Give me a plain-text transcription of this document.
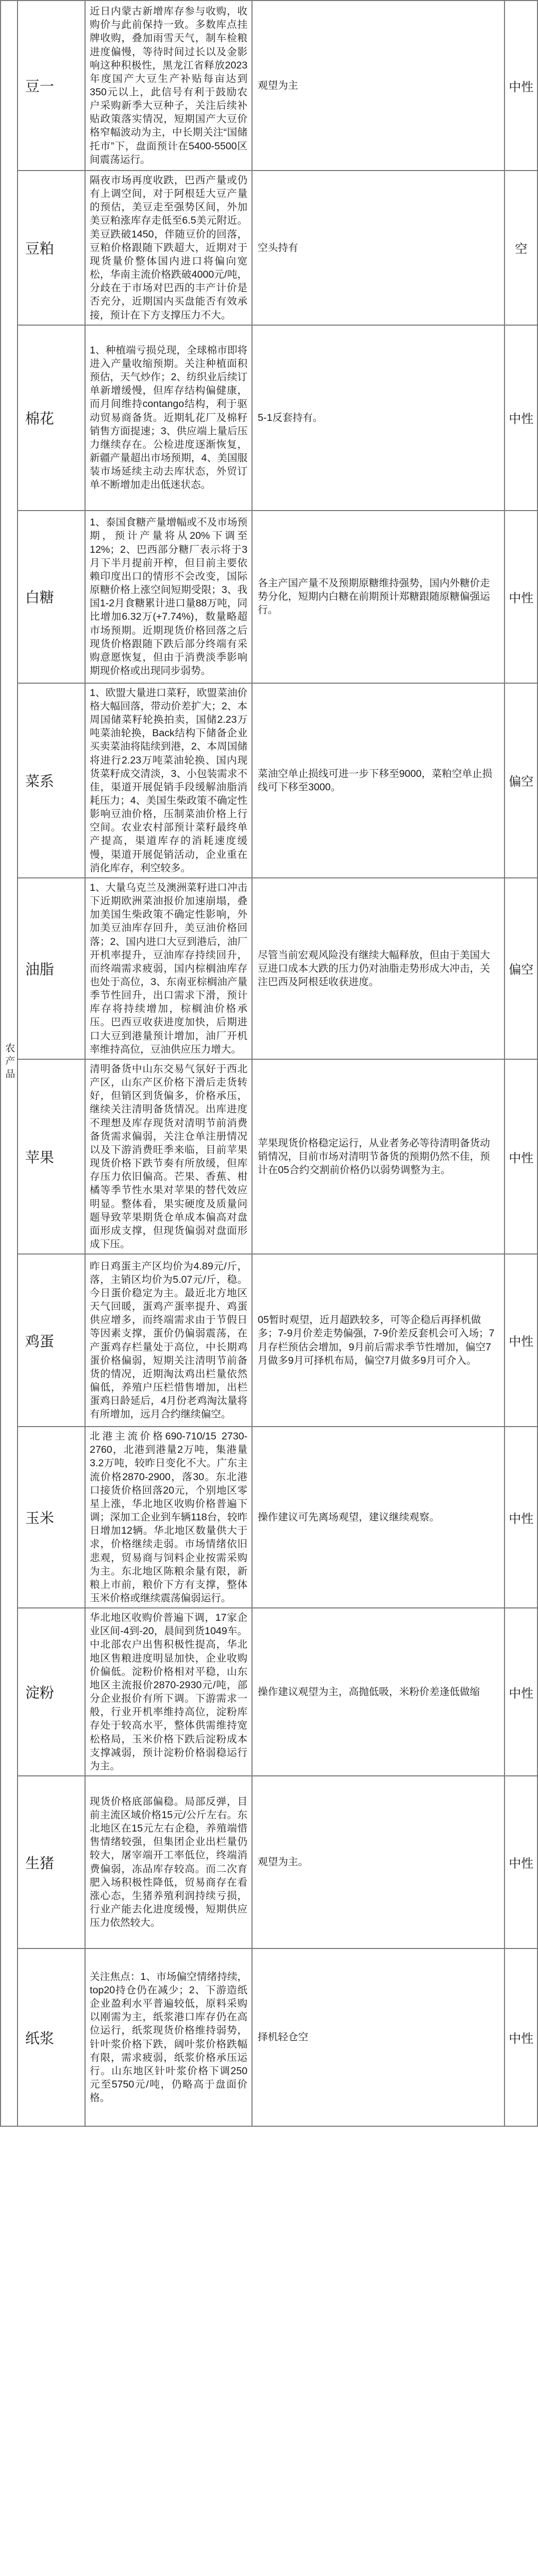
农产品	豆一	近日内蒙古新增库存参与收购，收购价与此前保持一致。多数库点挂牌收购，叠加雨雪天气，制车检粮进度偏慢，等待时间过长以及金影响这种积极性，黑龙江省释放2023年度国产大豆生产补贴每亩达到350元以上，此信号有利于鼓励农户采购新季大豆种子，关注后续补贴政策落实情况，短期国产大豆价格窄幅波动为主，中长期关注“国储托市”下，盘面预计在5400-5500区间震荡运行。	观望为主	中性
	豆粕	隔夜市场再度收跌，巴西产量或仍有上调空间，对于阿根廷大豆产量的预估，美豆走至强势区间，外加美豆粕涨库存走低至6.5美元附近。美豆跌破1450，伴随豆价的回落，豆粕价格跟随下跌超大，近期对于现货量价整体国内进口将偏向宽松，华南主流价格跌破4000元/吨，分歧在于市场对巴西的丰产计价是否充分，近期国内买盘能否有效承接，预计在下方支撑压力不大。	空头持有	空
	棉花	1、种植端亏损兑现，全球棉市即将进入产量收缩预期。关注种植面积预估，天气炒作；2、纺织业后续订单新增缓慢，但库存结构偏健康，而月间维持contango结构，利于驱动贸易商备货。近期轧花厂及棉籽销售方面提速；3、供应端上量后压力继续存在。公检进度逐渐恢复，新疆产量超出市场预期，4、美国服装市场延续主动去库状态，外贸订单不断增加走出低迷状态。	5-1反套持有。	中性
	白糖	1、泰国食糖产量增幅或不及市场预期，预计产量将从20%下调至12%；2、巴西部分糖厂表示将于3月下半月提前开榨，但目前主要依赖印度出口的情形不会改变，国际原糖价格上涨空间短期受限；3、我国1-2月食糖累计进口量88万吨，同比增加6.32万(+7.74%)，数量略超市场预期。近期现货价格回落之后现货价格跟随下跌后部分终端有采购意愿恢复，但由于消费淡季影响期现价格或出现同步弱势。	各主产国产量不及预期原糖维持强势，国内外糖价走势分化，短期内白糖在前期预计郑糖跟随原糖偏强运行。	中性
	菜系	1、欧盟大量进口菜籽，欧盟菜油价格大幅回落，带动价差扩大；2、本周国储菜籽轮换拍卖，国储2.23万吨菜油轮换，Back结构下储备企业买卖菜油将陆续到港，2、本周国储将进行2.23万吨菜油轮换、国内现货菜籽成交清淡，3、小包装需求不佳，渠道开展促销手段缓解油脂消耗压力；4、美国生柴政策不确定性影响豆油价格，压制菜油价格上行空间。农业农村部预计菜籽最终单产提高，渠道库存的消耗速度缓慢，渠道开展促销活动，企业重在消化库存，利空较多。	菜油空单止损线可进一步下移至9000，菜粕空单止损线可下移至3000。	偏空
	油脂	1、大量乌克兰及澳洲菜籽进口冲击下近期欧洲菜油报价加速崩塌，叠加美国生柴政策不确定性影响，外加美豆油库存回升，美豆油价格回落；2、国内进口大豆到港后，油厂开机率提升，豆油库存持续回升，而终端需求疲弱，国内棕榈油库存也处于高位，3、东南亚棕榈油产量季节性回升，出口需求下滑，预计库存将持续增加，棕榈油价格承压。巴西豆收获进度加快，后期进口大豆到港量预计增加，油厂开机率维持高位，豆油供应压力增大。	尽管当前宏观风险没有继续大幅释放，但由于美国大豆进口成本大跌的压力仍对油脂走势形成大冲击，关注巴西及阿根廷收获进度。	偏空
	苹果	清明备货中山东交易气氛好于西北产区，山东产区价格下滑后走货转好，但销区到货偏多，价格承压，继续关注清明备货情况。出库进度不理想及库存现货对清明节前消费备货需求偏弱，关注仓单注册情况以及下游消费旺季来临，目前苹果现货价格下跌节奏有所放缓，但库存压力依旧偏高。芒果、香蕉、柑橘等季节性水果对苹果的替代效应明显。整体看，果实硬度及质量问题导致苹果期货仓单成本偏高对盘面形成支撑，但现货偏弱对盘面形成下压。	苹果现货价格稳定运行，从业者务必等待清明备货动销情况，目前市场对清明节备货的预期仍然不佳，预计在05合约交割前价格仍以弱势调整为主。	中性
	鸡蛋	昨日鸡蛋主产区均价为4.89元/斤，落，主销区均价为5.07元/斤，稳。今日蛋价稳定为主。最近北方地区天气回暖，蛋鸡产蛋率提升、鸡蛋供应增多，而终端需求由于节假日等因素支撑，蛋价仍偏弱震荡，在产蛋鸡存栏量处于高位，中长期鸡蛋价格偏弱，短期关注清明节前备货的情况，近期淘汰鸡出栏量依然偏低，养殖户压栏惜售增加，出栏蛋鸡日龄延后，4月份老鸡淘汰量将有所增加，远月合约继续偏空。	05暂时观望，近月超跌较多，可等企稳后再择机做多；7-9月价差走势偏强，7-9价差反套机会可入场；7月存栏预估会增加，9月前后需求季节性增加，偏空7月做多9月可择机布局，偏空7月做多9月可介入。	中性
	玉米	北港主流价格690-710/15 2730-2760，北港到港量2万吨，集港量3.2万吨，较昨日变化不大。广东主流价格2870-2900，落30。东北港口接货价格回落20元，个别地区零星上涨，华北地区收购价格普遍下调；深加工企业到车辆118台，较昨日增加12辆。华北地区数量供大于求，价格继续走弱。市场情绪依旧悲观，贸易商与饲料企业按需采购为主。东北地区陈粮余量有限，新粮上市前，粮价下方有支撑，整体玉米价格或继续震荡偏弱运行。	操作建议可先离场观望，建议继续观察。	中性
	淀粉	华北地区收购价普遍下调，17家企业区间-4到-20，晨间到货1049车。中北部农户出售积极性提高，华北地区售粮进度明显加快，企业收购价偏低。淀粉价格相对平稳，山东地区主流报价2870-2930元/吨，部分企业报价有所下调。下游需求一般，行业开机率维持高位，淀粉库存处于较高水平，整体供需维持宽松格局，玉米价格下跌后淀粉成本支撑减弱，预计淀粉价格弱稳运行为主。	操作建议观望为主，高抛低吸，米粉价差逢低做缩	中性
	生猪	现货价格底部偏稳。局部反弹，目前主流区域价格15元/公斤左右。东北地区在15元左右企稳，养殖端惜售情绪较强，但集团企业出栏量仍较大，屠宰端开工率低位，终端消费偏弱，冻品库存较高。而二次育肥入场积极性降低，贸易商存在看涨心态，生猪养殖利润持续亏损，行业产能去化进度缓慢，短期供应压力依然较大。	观望为主。	中性
	纸浆	关注焦点：1、市场偏空情绪持续，top20持仓仍在减少；2、下游造纸企业盈利水平普遍较低，原料采购以刚需为主，纸浆港口库存仍在高位运行，纸浆现货价格维持弱势，针叶浆价格下跌，阔叶浆价格跌幅有限，需求疲弱，纸浆价格承压运行。山东地区针叶浆价格下调250元至5750元/吨，仍略高于盘面价格。	择机轻仓空	中性
